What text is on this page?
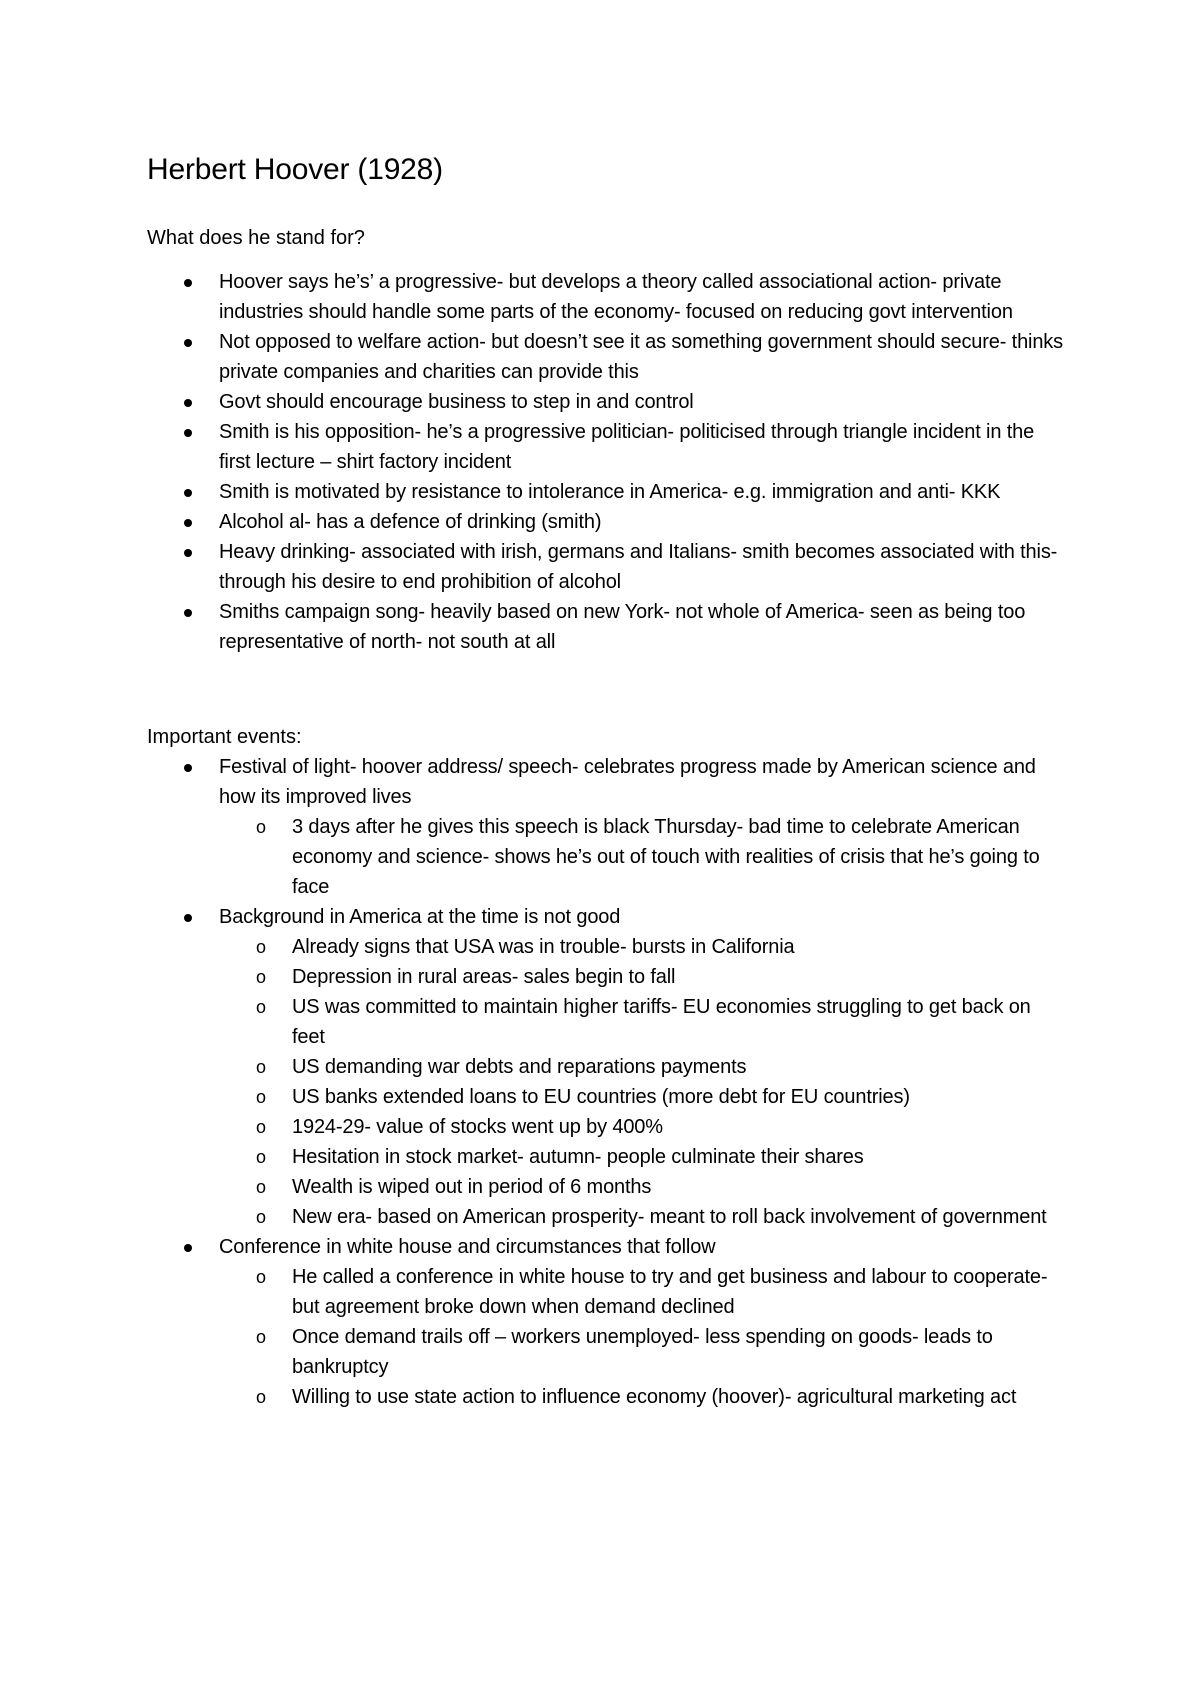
Herbert Hoover (1928)

What does he stand for?

Hoover says he’s’ a progressive- but develops a theory called associational action- private industries should handle some parts of the economy- focused on reducing govt intervention
Not opposed to welfare action- but doesn’t see it as something government should secure- thinks private companies and charities can provide this
Govt should encourage business to step in and control
Smith is his opposition- he’s a progressive politician- politicised through triangle incident in the first lecture – shirt factory incident
Smith is motivated by resistance to intolerance in America- e.g. immigration and anti- KKK
Alcohol al- has a defence of drinking (smith)
Heavy drinking- associated with irish, germans and Italians- smith becomes associated with this- through his desire to end prohibition of alcohol
Smiths campaign song- heavily based on new York- not whole of America- seen as being too representative of north- not south at all

Important events:

Festival of light- hoover address/ speech- celebrates progress made by American science and how its improved lives
o 3 days after he gives this speech is black Thursday- bad time to celebrate American economy and science- shows he’s out of touch with realities of crisis that he’s going to face
Background in America at the time is not good
o Already signs that USA was in trouble- bursts in California
o Depression in rural areas- sales begin to fall
o US was committed to maintain higher tariffs- EU economies struggling to get back on feet
o US demanding war debts and reparations payments
o US banks extended loans to EU countries (more debt for EU countries)
o 1924-29- value of stocks went up by 400%
o Hesitation in stock market- autumn- people culminate their shares
o Wealth is wiped out in period of 6 months
o New era- based on American prosperity- meant to roll back involvement of government
Conference in white house and circumstances that follow
o He called a conference in white house to try and get business and labour to cooperate- but agreement broke down when demand declined
o Once demand trails off – workers unemployed- less spending on goods- leads to bankruptcy
o Willing to use state action to influence economy (hoover)- agricultural marketing act
